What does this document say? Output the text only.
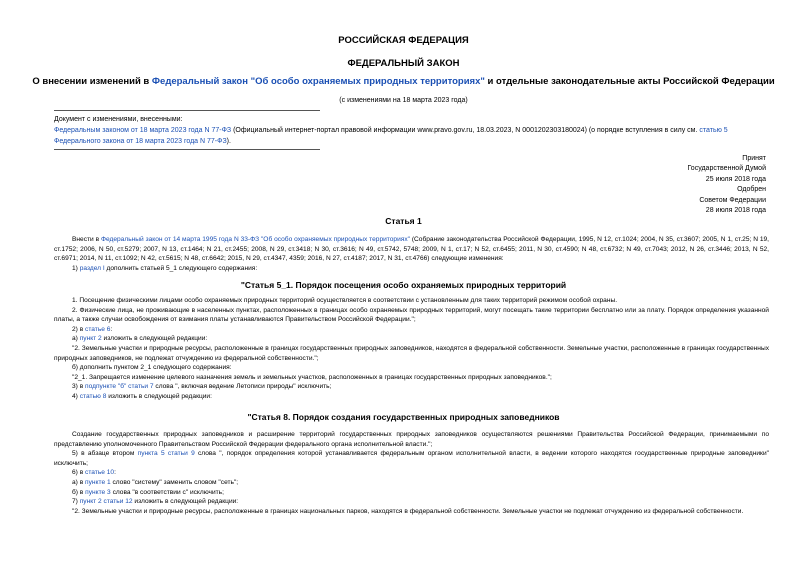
РОССИЙСКАЯ ФЕДЕРАЦИЯ
ФЕДЕРАЛЬНЫЙ ЗАКОН
О внесении изменений в Федеральный закон "Об особо охраняемых природных территориях" и отдельные законодательные акты Российской Федерации
(с изменениями на 18 марта 2023 года)

Документ с изменениями, внесенными:

Федеральным законом от 18 марта 2023 года N 77-ФЗ (Официальный интернет-портал правовой информации www.pravo.gov.ru, 18.03.2023, N 0001202303180024) (о порядке вступления в силу см. статью 5 Федерального закона от 18 марта 2023 года N 77-ФЗ).

Принят
Государственной Думой
25 июля 2018 года
Одобрен
Советом Федерации
28 июля 2018 года
Статья 1

Внести в Федеральный закон от 14 марта 1995 года N 33-ФЗ "Об особо охраняемых природных территориях" (Собрание законодательства Российской Федерации, 1995, N 12, ст.1024; 2004, N 35, ст.3607; 2005, N 1, ст.25; N 19, ст.1752; 2006, N 50, ст.5279; 2007, N 13, ст.1464; N 21, ст.2455; 2008, N 29, ст.3418; N 30, ст.3616; N 49, ст.5742, 5748; 2009, N 1, ст.17; N 52, ст.6455; 2011, N 30, ст.4590; N 48, ст.6732; N 49, ст.7043; 2012, N 26, ст.3446; 2013, N 52, ст.6971; 2014, N 11, ст.1092; N 42, ст.5615; N 48, ст.6642; 2015, N 29, ст.4347, 4359; 2016, N 27, ст.4187; 2017, N 31, ст.4766) следующие изменения:

1) раздел I дополнить статьей 5_1 следующего содержания:

"Статья 5_1. Порядок посещения особо охраняемых природных территорий

1. Посещение физическими лицами особо охраняемых природных территорий осуществляется в соответствии с установленным для таких территорий режимом особой охраны.

2. Физические лица, не проживающие в населенных пунктах, расположенных в границах особо охраняемых природных территорий, могут посещать такие территории бесплатно или за плату. Порядок определения указанной платы, а также случаи освобождения от взимания платы устанавливаются Правительством Российской Федерации.";

2) в статье 6:

а) пункт 2 изложить в следующей редакции:

"2. Земельные участки и природные ресурсы, расположенные в границах государственных природных заповедников, находятся в федеральной собственности. Земельные участки, расположенные в границах государственных природных заповедников, не подлежат отчуждению из федеральной собственности.";

б) дополнить пунктом 2_1 следующего содержания:

"2_1. Запрещается изменение целевого назначения земель и земельных участков, расположенных в границах государственных природных заповедников.";

3) в подпункте "б" статьи 7 слова ", включая ведение Летописи природы" исключить;

4) статью 8 изложить в следующей редакции:

"Статья 8. Порядок создания государственных природных заповедников

Создание государственных природных заповедников и расширение территорий государственных природных заповедников осуществляются решениями Правительства Российской Федерации, принимаемыми по представлению уполномоченного Правительством Российской Федерации федерального органа исполнительной власти.";

5) в абзаце втором пункта 5 статьи 9 слова ", порядок определения которой устанавливается федеральным органом исполнительной власти, в ведении которого находятся государственные природные заповедники" исключить;

6) в статье 10:

а) в пункте 1 слово "систему" заменить словом "сеть";

б) в пункте 3 слова "в соответствии с" исключить;

7) пункт 2 статьи 12 изложить в следующей редакции:

"2. Земельные участки и природные ресурсы, расположенные в границах национальных парков, находятся в федеральной собственности. Земельные участки не подлежат отчуждению из федеральной собственности.
